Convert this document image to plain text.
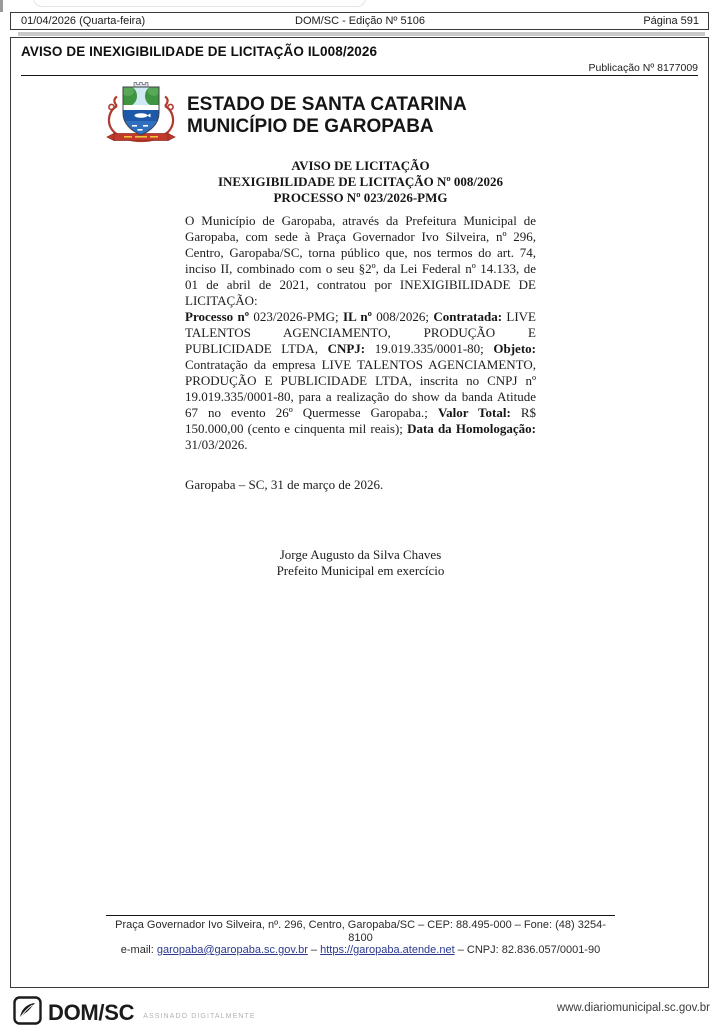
01/04/2026 (Quarta-feira)	DOM/SC - Edição Nº 5106	Página 591
AVISO DE INEXIGIBILIDADE DE LICITAÇÃO IL008/2026
Publicação Nº 8177009
ESTADO DE SANTA CATARINA
MUNICÍPIO DE GAROPABA
AVISO DE LICITAÇÃO
INEXIGIBILIDADE DE LICITAÇÃO Nº 008/2026
PROCESSO Nº 023/2026-PMG

O Município de Garopaba, através da Prefeitura Municipal de Garopaba, com sede à Praça Governador Ivo Silveira, nº 296, Centro, Garopaba/SC, torna público que, nos termos do art. 74, inciso II, combinado com o seu §2º, da Lei Federal nº 14.133, de 01 de abril de 2021, contratou por INEXIGIBILIDADE DE LICITAÇÃO:

Processo nº 023/2026-PMG; IL nº 008/2026; Contratada: LIVE TALENTOS AGENCIAMENTO, PRODUÇÃO E PUBLICIDADE LTDA, CNPJ: 19.019.335/0001-80; Objeto: Contratação da empresa LIVE TALENTOS AGENCIAMENTO, PRODUÇÃO E PUBLICIDADE LTDA, inscrita no CNPJ nº 19.019.335/0001-80, para a realização do show da banda Atitude 67 no evento 26º Quermesse Garopaba.; Valor Total: R$ 150.000,00 (cento e cinquenta mil reais); Data da Homologação: 31/03/2026.

Garopaba – SC, 31 de março de 2026.
Jorge Augusto da Silva Chaves
Prefeito Municipal em exercício
Praça Governador Ivo Silveira, nº. 296, Centro, Garopaba/SC – CEP: 88.495-000 – Fone: (48) 3254-8100
e-mail: garopaba@garopaba.sc.gov.br – https://garopaba.atende.net – CNPJ: 82.836.057/0001-90
DOM/SC ASSINADO DIGITALMENTE
www.diariomunicipal.sc.gov.br
